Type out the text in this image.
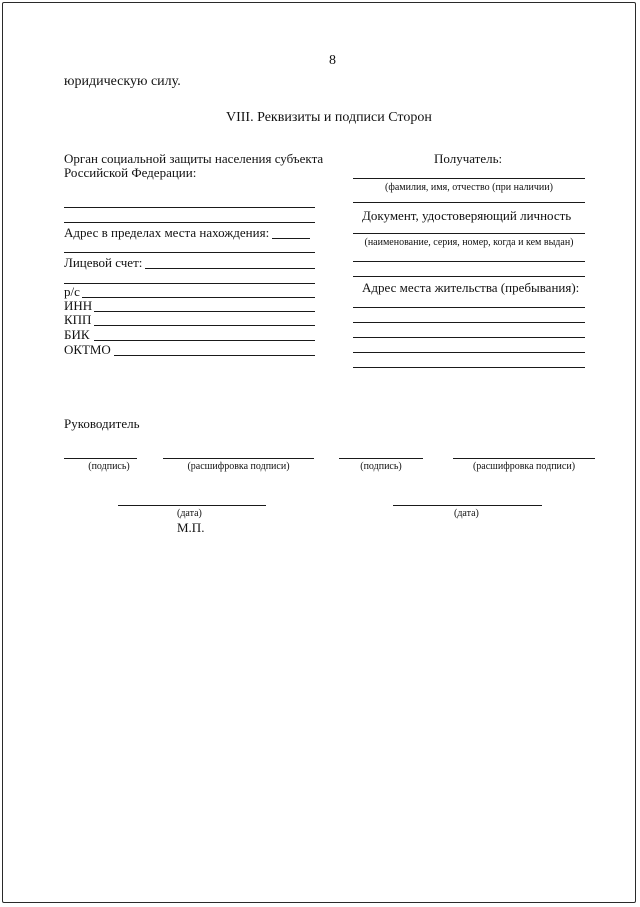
8
юридическую силу.
VIII. Реквизиты и подписи Сторон
Орган социальной защиты населения субъекта
Российской Федерации:
Адрес в пределах места нахождения:
Лицевой счет:
р/с
ИНН
КПП
БИК
ОКТМО
Получатель:
(фамилия, имя, отчество (при наличии)
Документ, удостоверяющий личность
(наименование, серия, номер, когда и кем выдан)
Адрес места жительства (пребывания):
Руководитель
(подпись)	(расшифровка подписи)	(подпись)	(расшифровка подписи)
(дата)
М.П.
(дата)
